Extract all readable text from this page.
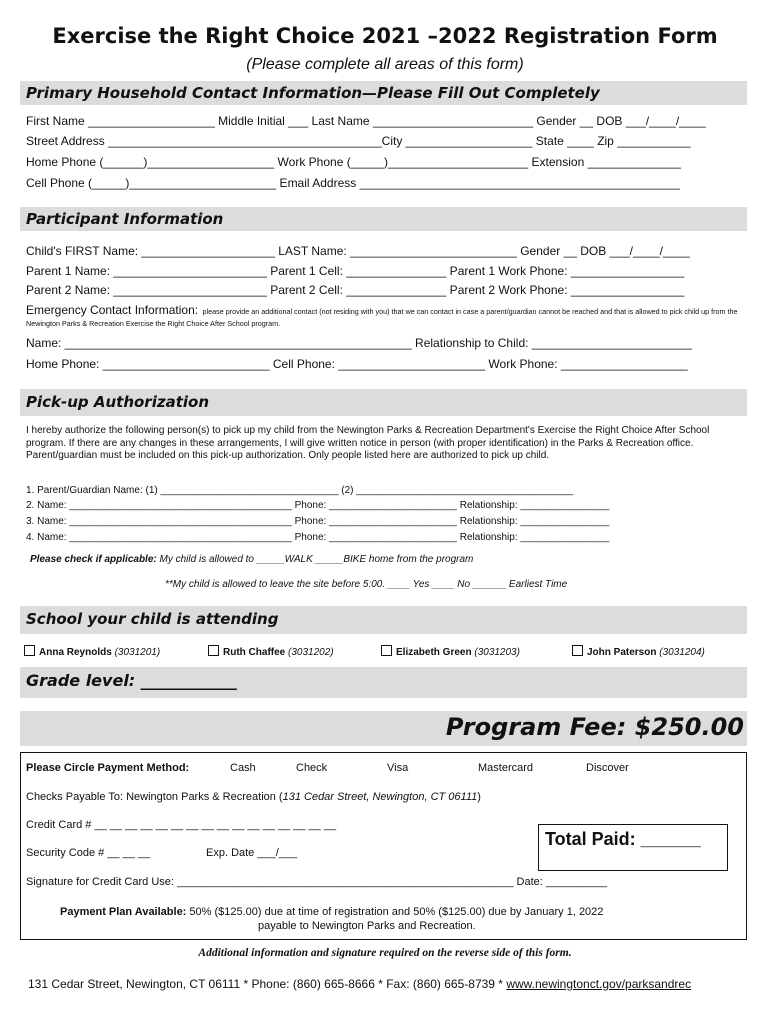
Exercise the Right Choice 2021 –2022 Registration Form
(Please complete all areas of this form)
Primary Household Contact Information—Please Fill Out Completely
First Name ___________________ Middle Initial ___ Last Name ________________________ Gender __ DOB ___/____/____
Street Address _________________________________________City ___________________ State ____ Zip ___________
Home Phone (______)___________________ Work Phone (_____)_____________________ Extension ______________
Cell Phone (_____)______________________ Email Address ________________________________________________
Participant Information
Child's FIRST Name: ____________________ LAST Name: _________________________ Gender __ DOB ___/____/____
Parent 1 Name: _______________________ Parent 1 Cell: _______________ Parent 1 Work Phone: _________________
Parent 2 Name: _______________________ Parent 2 Cell: _______________ Parent 2 Work Phone: _________________
Emergency Contact Information: please provide an additional contact (not residing with you) that we can contact in case a parent/guardian cannot be reached and that is allowed to pick child up from the Newington Parks & Recreation Exercise the Right Choice After School program.
Name: ____________________________________________________ Relationship to Child: ________________________
Home Phone: _________________________ Cell Phone: ______________________ Work Phone: ___________________
Pick-up Authorization
I hereby authorize the following person(s) to pick up my child from the Newington Parks & Recreation Department's Exercise the Right Choice After School program. If there are any changes in these arrangements, I will give written notice in person (with proper identification) in the Parks & Recreation office. Parent/guardian must be included on this pick-up authorization. Only people listed here are authorized to pick up child.
1. Parent/Guardian Name: (1) ________________________________ (2) _______________________________________
2. Name: ________________________________________ Phone: _______________________ Relationship: ________________
3. Name: ________________________________________ Phone: _______________________ Relationship: ________________
4. Name: ________________________________________ Phone: _______________________ Relationship: ________________
Please check if applicable: My child is allowed to _____WALK _____BIKE home from the program
**My child is allowed to leave the site before 5:00. ____ Yes ____ No ______ Earliest Time
School your child is attending
Anna Reynolds (3031201)	Ruth Chaffee (3031202)	Elizabeth Green (3031203)	John Paterson (3031204)
Grade level: ____________
Program Fee: $250.00
Please Circle Payment Method:	Cash	Check	Visa	Mastercard	Discover
Checks Payable To: Newington Parks & Recreation (131 Cedar Street, Newington, CT 06111)
Credit Card # __ __ __ __ __ __ __ __ __ __ __ __ __ __ __ __
Security Code # __ __ __	Exp. Date ___/___
Total Paid: ______
Signature for Credit Card Use: _______________________________________________________ Date: __________
Payment Plan Available: 50% ($125.00) due at time of registration and 50% ($125.00) due by January 1, 2022
payable to Newington Parks and Recreation.
Additional information and signature required on the reverse side of this form.
131 Cedar Street, Newington, CT 06111 * Phone: (860) 665-8666 * Fax: (860) 665-8739 * www.newingtonct.gov/parksandrec
